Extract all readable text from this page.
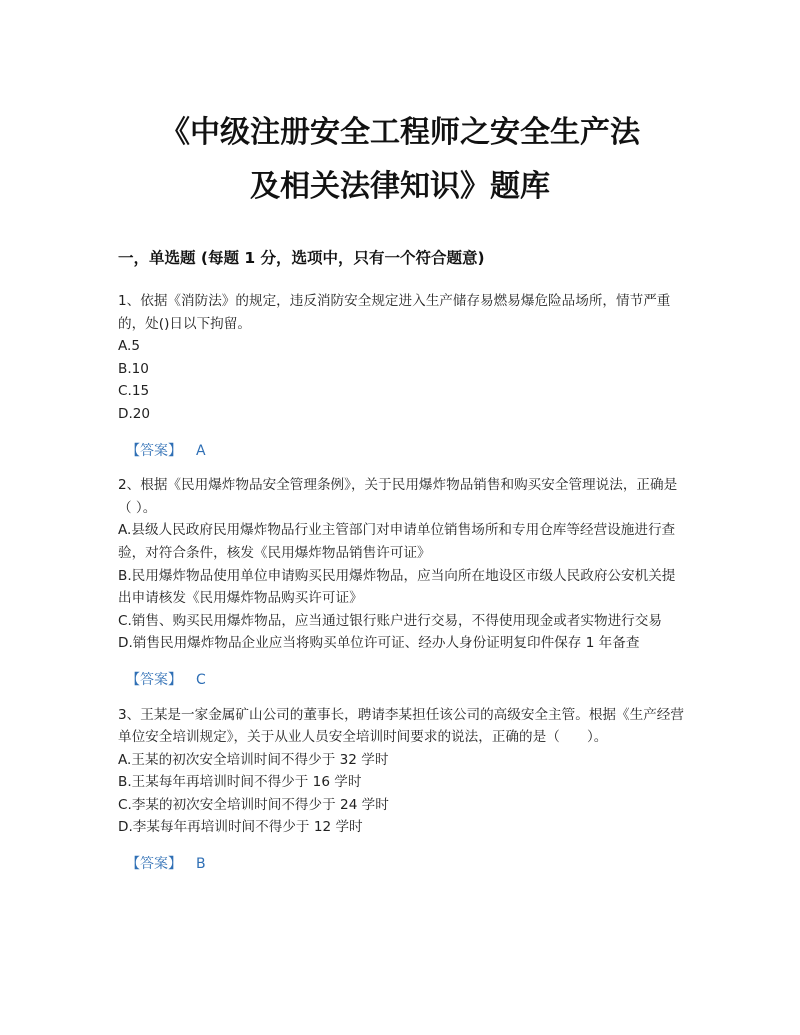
《中级注册安全工程师之安全生产法
及相关法律知识》题库
一，单选题 (每题 1 分，选项中，只有一个符合题意)

1、依据《消防法》的规定，违反消防安全规定进入生产储存易燃易爆危险品场所，情节严重的，处()日以下拘留。

A.5

B.10

C.15

D.20

【答案】 A

2、根据《民用爆炸物品安全管理条例》，关于民用爆炸物品销售和购买安全管理说法，正确是（ ）。

A.县级人民政府民用爆炸物品行业主管部门对申请单位销售场所和专用仓库等经营设施进行查验，对符合条件，核发《民用爆炸物品销售许可证》

B.民用爆炸物品使用单位申请购买民用爆炸物品，应当向所在地设区市级人民政府公安机关提出申请核发《民用爆炸物品购买许可证》

C.销售、购买民用爆炸物品，应当通过银行账户进行交易，不得使用现金或者实物进行交易

D.销售民用爆炸物品企业应当将购买单位许可证、经办人身份证明复印件保存 1 年备查

【答案】 C

3、王某是一家金属矿山公司的董事长，聘请李某担任该公司的高级安全主管。根据《生产经营单位安全培训规定》，关于从业人员安全培训时间要求的说法，正确的是（　　）。

A.王某的初次安全培训时间不得少于 32 学时

B.王某每年再培训时间不得少于 16 学时

C.李某的初次安全培训时间不得少于 24 学时

D.李某每年再培训时间不得少于 12 学时

【答案】 B
